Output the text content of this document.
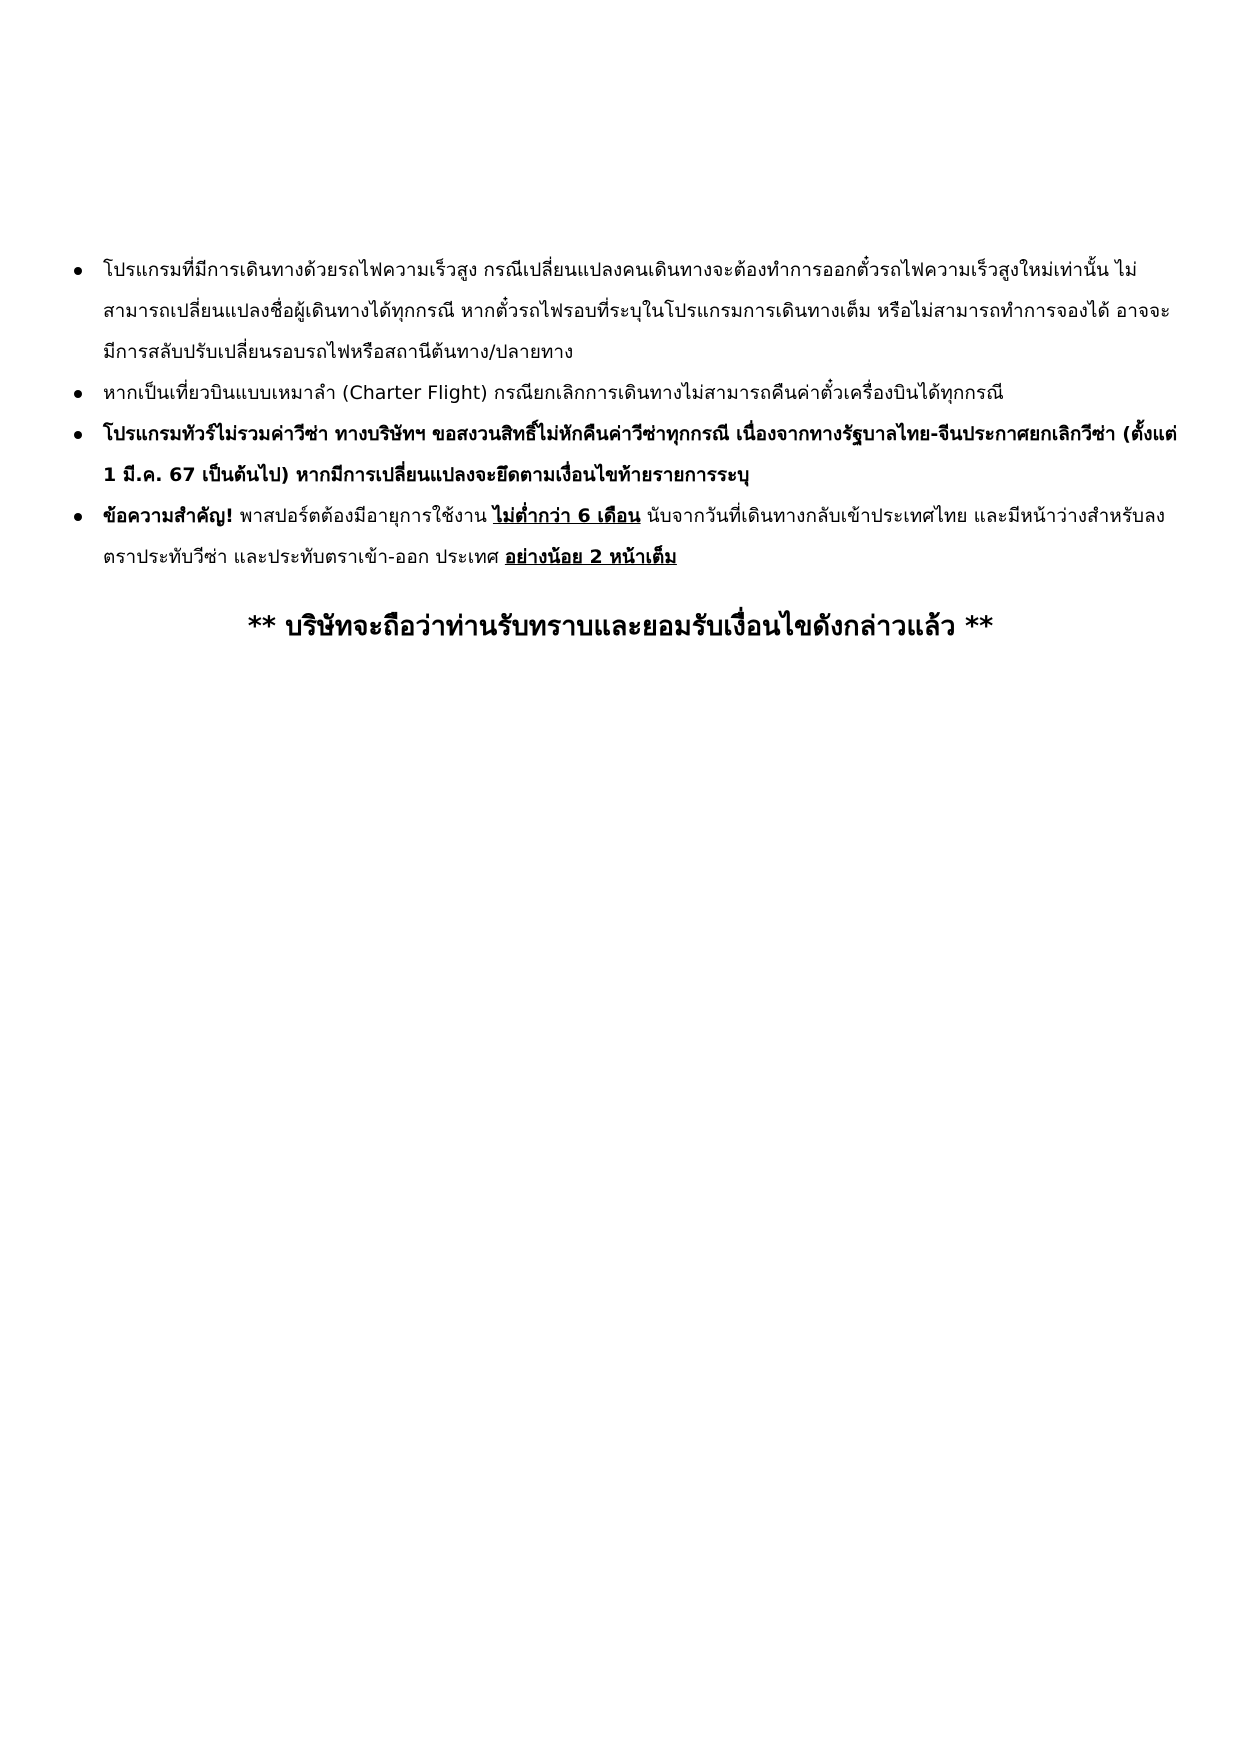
โปรแกรมที่มีการเดินทางด้วยรถไฟความเร็วสูง กรณีเปลี่ยนแปลงคนเดินทางจะต้องทำการออกตั๋วรถไฟความเร็วสูงใหม่เท่านั้น ไม่สามารถเปลี่ยนแปลงชื่อผู้เดินทางได้ทุกกรณี หากตั๋วรถไฟรอบที่ระบุในโปรแกรมการเดินทางเต็ม หรือไม่สามารถทำการจองได้ อาจจะมีการสลับปรับเปลี่ยนรอบรถไฟหรือสถานีต้นทาง/ปลายทาง
หากเป็นเที่ยวบินแบบเหมาลำ (Charter Flight) กรณียกเลิกการเดินทางไม่สามารถคืนค่าตั๋วเครื่องบินได้ทุกกรณี
โปรแกรมทัวร์ไม่รวมค่าวีซ่า ทางบริษัทฯ ขอสงวนสิทธิ์ไม่หักคืนค่าวีซ่าทุกกรณี เนื่องจากทางรัฐบาลไทย-จีนประกาศยกเลิกวีซ่า (ตั้งแต่ 1 มี.ค. 67 เป็นต้นไป) หากมีการเปลี่ยนแปลงจะยึดตามเงื่อนไขท้ายรายการระบุ
ข้อความสำคัญ! พาสปอร์ตต้องมีอายุการใช้งาน ไม่ต่ำกว่า 6 เดือน นับจากวันที่เดินทางกลับเข้าประเทศไทย และมีหน้าว่างสำหรับลงตราประทับวีซ่า และประทับตราเข้า-ออก ประเทศ อย่างน้อย 2 หน้าเต็ม
** บริษัทจะถือว่าท่านรับทราบและยอมรับเงื่อนไขดังกล่าวแล้ว **
